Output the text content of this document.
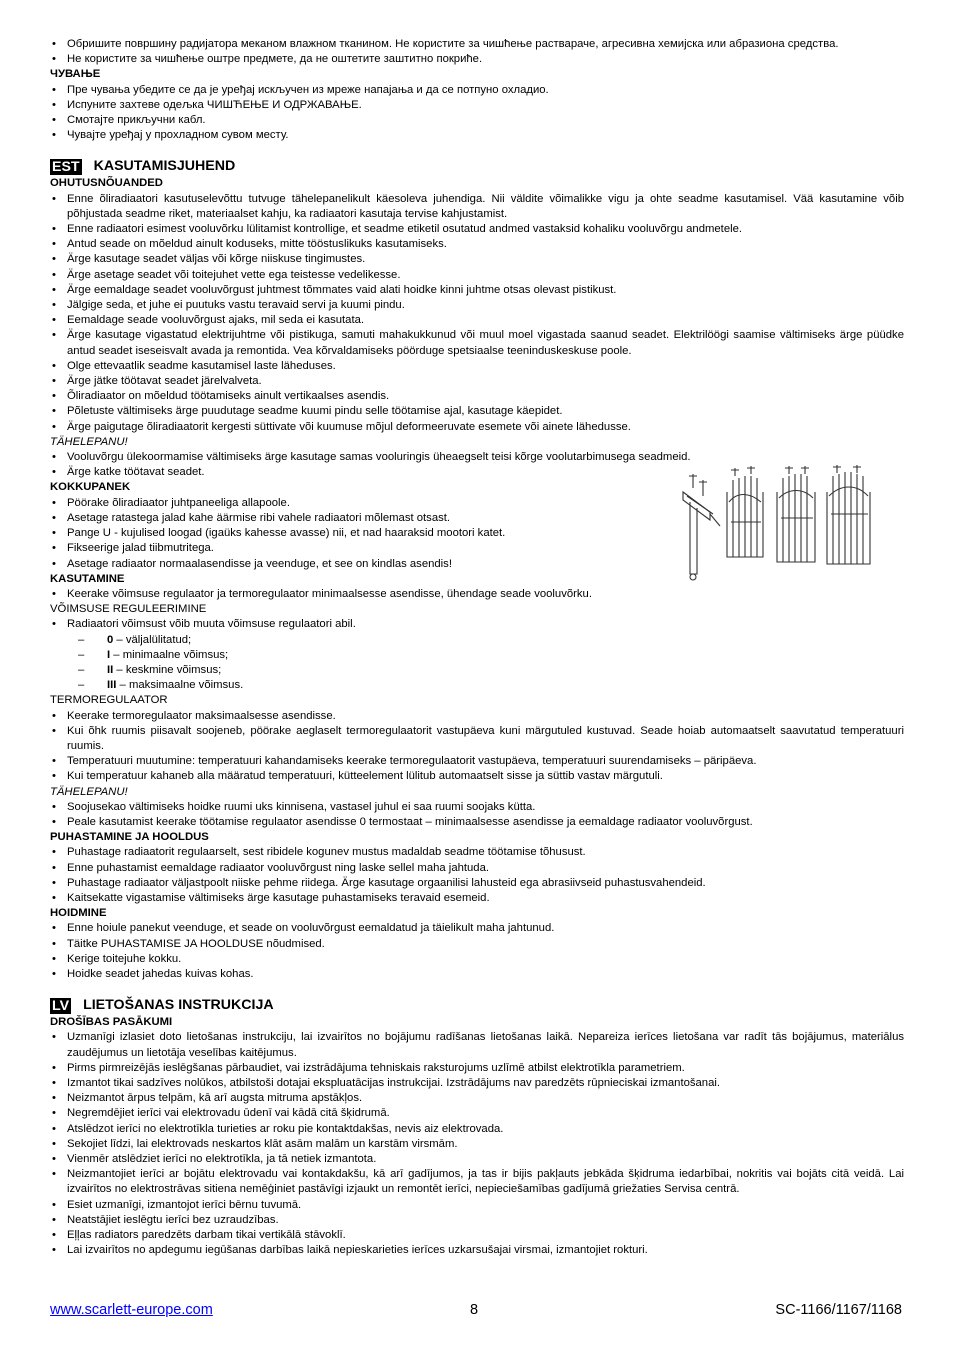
• Обришите површину радијатора меканом влажном тканином. Не користите за чишћење раствараче, агресивна хемијска или абразиона средства.
• Не користите за чишћење оштре предмете, да не оштетите заштитно покриће.
ЧУВАЊЕ
• Пре чувања убедите се да је уређај искључен из мреже напајања и да се потпуно охладио.
• Испуните захтеве одељка ЧИШЋЕЊЕ И ОДРЖАВАЊЕ.
• Смотајте прикључни кабл.
• Чувајте уређај у прохладном сувом месту.
EST KASUTAMISJUHEND
OHUTUSNÕUANDED
• Enne õliradiaatori kasutuselevõttu tutvuge tähelepanelikult käesoleva juhendiga. Nii väldite võimalikke vigu ja ohte seadme kasutamisel. Vää kasutamine võib põhjustada seadme riket, materiaalset kahju, ka radiaatori kasutaja tervise kahjustamist.
• Enne radiaatori esimest vooluvõrku lülitamist kontrollige, et seadme etiketil osutatud andmed vastaksid kohaliku vooluvõrgu andmetele.
• Antud seade on mõeldud ainult koduseks, mitte tööstuslikuks kasutamiseks.
• Ärge kasutage seadet väljas või kõrge niiskuse tingimustes.
• Ärge asetage seadet või toitejuhet vette ega teistesse vedelikesse.
• Ärge eemaldage seadet vooluvõrgust juhtmest tõmmates vaid alati hoidke kinni juhtme otsas olevast pistikust.
• Jälgige seda, et juhe ei puutuks vastu teravaid servi ja kuumi pindu.
• Eemaldage seade vooluvõrgust ajaks, mil seda ei kasutata.
• Ärge kasutage vigastatud elektrijuhtme või pistikuga, samuti mahakukkunud või muul moel vigastada saanud seadet. Elektrilöögi saamise vältimiseks ärge püüdke antud seadet iseseisvalt avada ja remontida. Vea kõrvaldamiseks pöörduge spetsiaalse teeninduskeskuse poole.
• Olge ettevaatlik seadme kasutamisel laste läheduses.
• Ärge jätke töötavat seadet järelvalveta.
• Õliradiaator on mõeldud töötamiseks ainult vertikaalses asendis.
• Põletuste vältimiseks ärge puudutage seadme kuumi pindu selle töötamise ajal, kasutage käepidet.
• Ärge paigutage õliradiaatorit kergesti süttivate või kuumuse mõjul deformeeruvate esemete või ainete lähedusse.
TÄHELEPANU!
• Vooluvõrgu ülekoormamise vältimiseks ärge kasutage samas vooluringis üheaegselt teisi kõrge voolutarbimusega seadmeid.
• Ärge katke töötavat seadet.
KOKKUPANEK
• Pöörake õliradiaator juhtpaneeliga allapoole.
• Asetage ratastega jalad kahe äärmise ribi vahele radiaatori mõlemast otsast.
• Pange U - kujulised loogad (igaüks kahesse avasse) nii, et nad haaraksid mootori katet.
• Fikseerige jalad tiibmutritega.
• Asetage radiaator normaalasendisse ja veenduge, et see on kindlas asendis!
KASUTAMINE
• Keerake võimsuse regulaator ja termoregulaator minimaalsesse asendisse, ühendage seade vooluvõrku.
VÕIMSUSE REGULEERIMINE
• Radiaatori võimsust võib muuta võimsuse regulaatori abil.
– 0 – väljalülitatud;
– I – minimaalne võimsus;
– II – keskmine võimsus;
– III – maksimaalne võimsus.
TERMOREGULAATOR
• Keerake termoregulaator maksimaalsesse asendisse.
• Kui õhk ruumis piisavalt soojeneb, pöörake aeglaselt termoregulaatorit vastupäeva kuni märgutuled kustuvad. Seade hoiab automaatselt saavutatud temperatuuri ruumis.
• Temperatuuri muutumine: temperatuuri kahandamiseks keerake termoregulaatorit vastupäeva, temperatuuri suurendamiseks – päripäeva.
• Kui temperatuur kahaneb alla määratud temperatuuri, kütteelement lülitub automaatselt sisse ja süttib vastav märgutuli.
TÄHELEPANU!
• Soojusekao vältimiseks hoidke ruumi uks kinnisena, vastasel juhul ei saa ruumi soojaks kütta.
• Peale kasutamist keerake töötamise regulaator asendisse 0 termostaat – minimaalsesse asendisse ja eemaldage radiaator vooluvõrgust.
PUHASTAMINE JA HOOLDUS
• Puhastage radiaatorit regulaarselt, sest ribidele kogunev mustus madaldab seadme töötamise tõhusust.
• Enne puhastamist eemaldage radiaator vooluvõrgust ning laske sellel maha jahtuda.
• Puhastage radiaator väljastpoolt niiske pehme riidega. Ärge kasutage orgaanilisi lahusteid ega abrasiivseid puhastusvahendeid.
• Kaitsekatte vigastamise vältimiseks ärge kasutage puhastamiseks teravaid esemeid.
HOIDMINE
• Enne hoiule panekut veenduge, et seade on vooluvõrgust eemaldatud ja täielikult maha jahtunud.
• Täitke PUHASTAMISE JA HOOLDUSE nõudmised.
• Kerige toitejuhe kokku.
• Hoidke seadet jahedas kuivas kohas.
LV LIETOŠANAS INSTRUKCIJA
DROŠĪBAS PASĀKUMI
• Uzmanīgi izlasiet doto lietošanas instrukciju, lai izvairītos no bojājumu radīšanas lietošanas laikā. Nepareiza ierīces lietošana var radīt tās bojājumus, materiālus zaudējumus un lietotāja veselības kaitējumus.
• Pirms pirmreizējās ieslēgšanas pārbaudiet, vai izstrādājuma tehniskais raksturojums uzlīmē atbilst elektrotīkla parametriem.
• Izmantot tikai sadzīves nolūkos, atbilstoši dotajai ekspluatācijas instrukcijai. Izstrādājums nav paredzēts rūpnieciskai izmantošanai.
• Neizmantot ārpus telpām, kā arī augsta mitruma apstākļos.
• Negremdējiet ierīci vai elektrovadu ūdenī vai kādā citā šķidrumā.
• Atslēdzot ierīci no elektrotīkla turieties ar roku pie kontaktdakšas, nevis aiz elektrovada.
• Sekojiet līdzi, lai elektrovads neskartos klāt asām malām un karstām virsmām.
• Vienmēr atslēdziet ierīci no elektrotīkla, ja tā netiek izmantota.
• Neizmantojiet ierīci ar bojātu elektrovadu vai kontakdakšu, kā arī gadījumos, ja tas ir bijis pakļauts jebkāda šķidruma iedarbībai, nokritis vai bojāts citā veidā. Lai izvairītos no elektrostrāvas sitiena nemēģiniet pastāvīgi izjaukt un remontēt ierīci, nepieciešamības gadījumā griežaties Servisa centrā.
• Esiet uzmanīgi, izmantojot ierīci bērnu tuvumā.
• Neatstājiet ieslēgtu ierīci bez uzraudzības.
• Eļļas radiators paredzēts darbam tikai vertikālā stāvoklī.
• Lai izvairītos no apdegumu iegūšanas darbības laikā nepieskarieties ierīces uzkarsušajai virsmai, izmantojiet rokturi.
www.scarlett-europe.com	8	SC-1166/1167/1168
